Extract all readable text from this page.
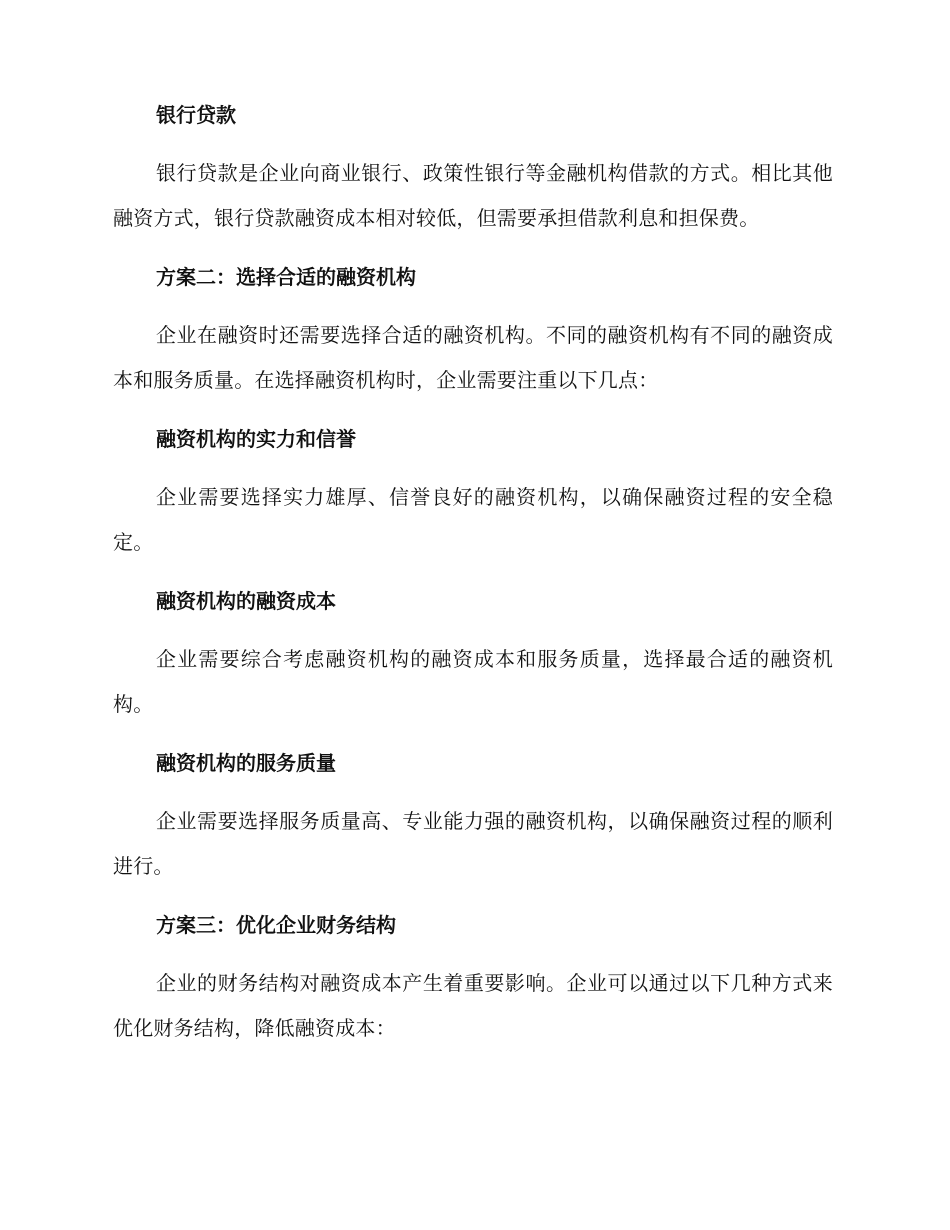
银行贷款

银行贷款是企业向商业银行、政策性银行等金融机构借款的方式。相比其他融资方式，银行贷款融资成本相对较低，但需要承担借款利息和担保费。

方案二：选择合适的融资机构

企业在融资时还需要选择合适的融资机构。不同的融资机构有不同的融资成本和服务质量。在选择融资机构时，企业需要注重以下几点：

融资机构的实力和信誉

企业需要选择实力雄厚、信誉良好的融资机构，以确保融资过程的安全稳定。

融资机构的融资成本

企业需要综合考虑融资机构的融资成本和服务质量，选择最合适的融资机构。

融资机构的服务质量

企业需要选择服务质量高、专业能力强的融资机构，以确保融资过程的顺利进行。

方案三：优化企业财务结构

企业的财务结构对融资成本产生着重要影响。企业可以通过以下几种方式来优化财务结构，降低融资成本：
